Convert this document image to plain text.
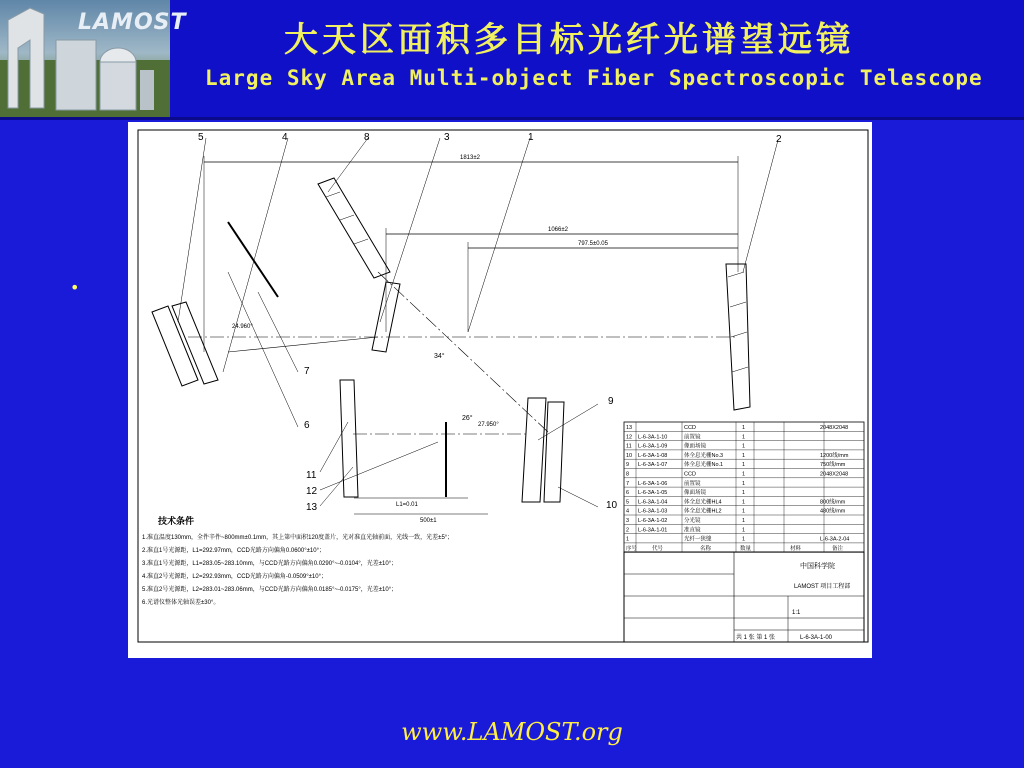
LAMOST	大天区面积多目标光纤光谱望远镜
Large Sky Area Multi-object Fiber Spectroscopic Telescope
•
5	4	8	3	1	2
7
6
9
11
12
13	10
1813±2
1066±2
797.5±0.05
L1=0.01
500±1
34°
26°
24.960°
27.950°
技术条件
1.准直温度130mm，全件辛件~800mm±0.1mm，其上第中面积120度盖片，光对准直光轴前面，光线一致，光差±5°；
2.准直1号光源距，L1=292.97mm，CCD光路方向偏角0.0600°±10°；
3.准直1号光源距，L1=283.05~283.10mm，与CCD光路方向偏角0.0290°~-0.0104°，光差±10°；
4.准直2号光源距，L2=292.93mm，CCD光路方向偏角-0.0509°±10°；
5.准直2号光源距，L2=283.01~283.06mm，与CCD光路方向偏角0.0185°~-0.0175°，光差±10°；
6.光谱仪整体光轴误差±30°。
13	CCD	1	2048X2048
12 L-6-3A-1-10	前置镜	1
11 L-6-3A-1-09	像面场镜	1
10 L-6-3A-1-08	体全息光栅No.3	1	1200线/mm
9 L-6-3A-1-07	体全息光栅No.1	1	750线/mm
8	CCD	1	2048X2048
7 L-6-3A-1-06	前置镜	1
6 L-6-3A-1-05	像面场镜	1
5 L-6-3A-1-04	体全息光栅HL4	1	800线/mm
4 L-6-3A-1-03	体全息光栅HL2	1	480线/mm
3 L-6-3A-1-02	分光镜	1
2 L-6-3A-1-01	准直镜	1
1	光纤一狭缝	1	L-6-3A-2-04
序号	代号	名称	数量	材料	备注
中国科学院
LAMOST 项目工程部
1:1
共 1 张 第 1 张	L-6-3A-1-00
www.LAMOST.org
